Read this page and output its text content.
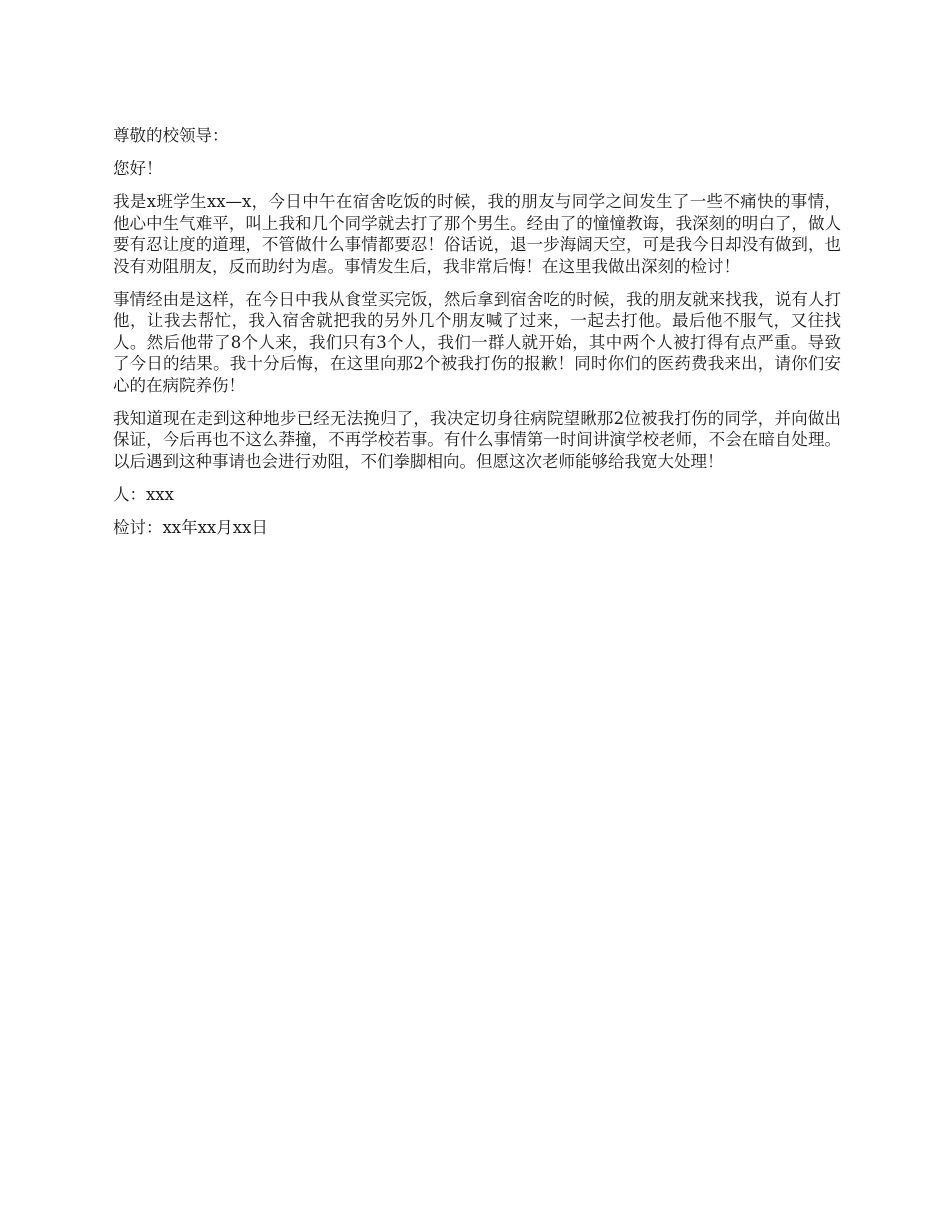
尊敬的校领导：

您好！

我是x班学生xx—x，今日中午在宿舍吃饭的时候，我的朋友与同学之间发生了一些不痛快的事情，他心中生气难平，叫上我和几个同学就去打了那个男生。经由了的憧憧教诲，我深刻的明白了，做人要有忍让度的道理，不管做什么事情都要忍！俗话说，退一步海阔天空，可是我今日却没有做到，也没有劝阻朋友，反而助纣为虐。事情发生后，我非常后悔！在这里我做出深刻的检讨！

事情经由是这样，在今日中我从食堂买完饭，然后拿到宿舍吃的时候，我的朋友就来找我，说有人打他，让我去帮忙，我入宿舍就把我的另外几个朋友喊了过来，一起去打他。最后他不服气，又往找人。然后他带了8个人来，我们只有3个人，我们一群人就开始，其中两个人被打得有点严重。导致了今日的结果。我十分后悔，在这里向那2个被我打伤的报歉！同时你们的医药费我来出，请你们安心的在病院养伤！

我知道现在走到这种地步已经无法挽归了，我决定切身往病院望瞅那2位被我打伤的同学，并向做出保证，今后再也不这么莽撞，不再学校若事。有什么事情第一时间讲演学校老师，不会在暗自处理。以后遇到这种事请也会进行劝阻，不们拳脚相向。但愿这次老师能够给我宽大处理！

人：xxx

检讨：xx年xx月xx日
